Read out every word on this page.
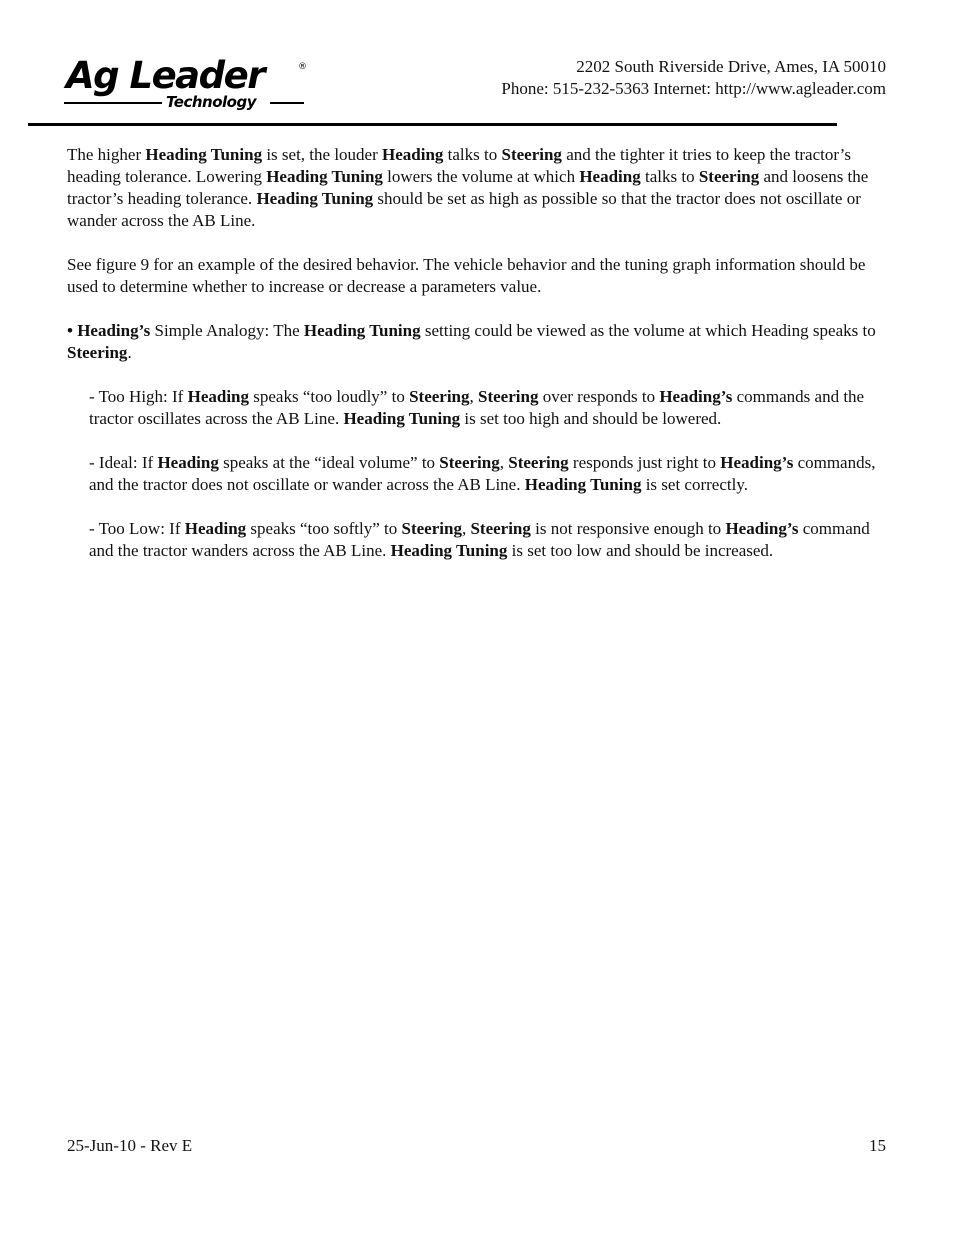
Ag Leader	®
Technology
2202 South Riverside Drive, Ames, IA 50010
Phone: 515-232-5363 Internet: http://www.agleader.com

The higher Heading Tuning is set, the louder Heading talks to Steering and the tighter it tries to keep the tractor’s heading tolerance. Lowering Heading Tuning lowers the volume at which Heading talks to Steering and loosens the tractor’s heading tolerance. Heading Tuning should be set as high as possible so that the tractor does not oscillate or wander across the AB Line.

See figure 9 for an example of the desired behavior. The vehicle behavior and the tuning graph information should be used to determine whether to increase or decrease a parameters value.

• Heading’s Simple Analogy: The Heading Tuning setting could be viewed as the volume at which Heading speaks to Steering.

- Too High: If Heading speaks “too loudly” to Steering, Steering over responds to Heading’s commands and the tractor oscillates across the AB Line. Heading Tuning is set too high and should be lowered.

- Ideal: If Heading speaks at the “ideal volume” to Steering, Steering responds just right to Heading’s commands, and the tractor does not oscillate or wander across the AB Line. Heading Tuning is set correctly.

- Too Low: If Heading speaks “too softly” to Steering, Steering is not responsive enough to Heading’s command and the tractor wanders across the AB Line. Heading Tuning is set too low and should be increased.

25-Jun-10 - Rev E	15
